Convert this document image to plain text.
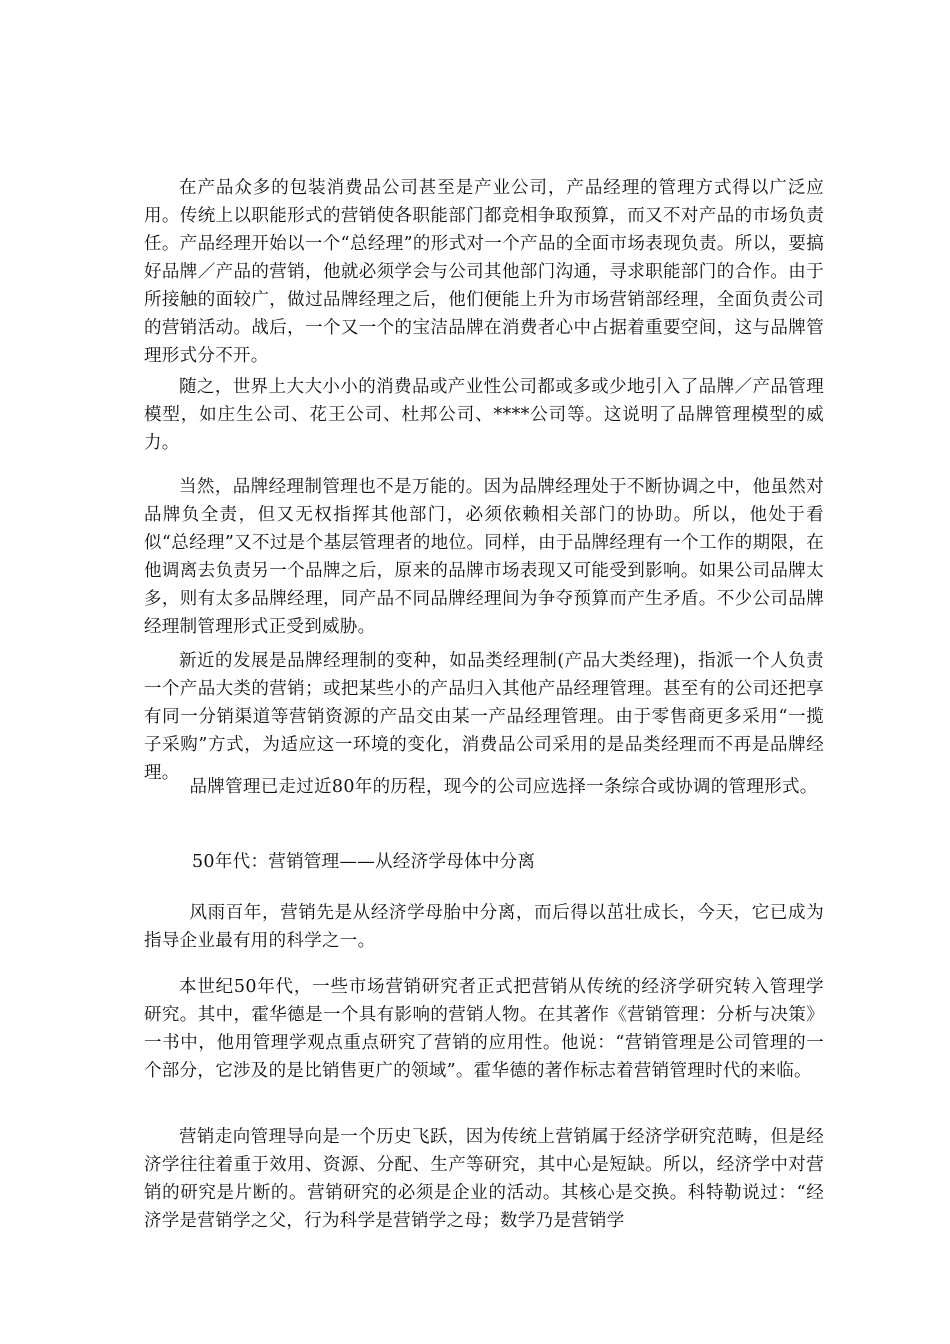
在产品众多的包装消费品公司甚至是产业公司，产品经理的管理方式得以广泛应用。传统上以职能形式的营销使各职能部门都竞相争取预算，而又不对产品的市场负责任。产品经理开始以一个“总经理”的形式对一个产品的全面市场表现负责。所以，要搞好品牌／产品的营销，他就必须学会与公司其他部门沟通，寻求职能部门的合作。由于所接触的面较广，做过品牌经理之后，他们便能上升为市场营销部经理，全面负责公司的营销活动。战后，一个又一个的宝洁品牌在消费者心中占据着重要空间，这与品牌管理形式分不开。

随之，世界上大大小小的消费品或产业性公司都或多或少地引入了品牌／产品管理模型，如庄生公司、花王公司、杜邦公司、****公司等。这说明了品牌管理模型的威力。

当然，品牌经理制管理也不是万能的。因为品牌经理处于不断协调之中，他虽然对品牌负全责，但又无权指挥其他部门，必须依赖相关部门的协助。所以，他处于看似“总经理”又不过是个基层管理者的地位。同样，由于品牌经理有一个工作的期限，在他调离去负责另一个品牌之后，原来的品牌市场表现又可能受到影响。如果公司品牌太多，则有太多品牌经理，同产品不同品牌经理间为争夺预算而产生矛盾。不少公司品牌经理制管理形式正受到威胁。

新近的发展是品牌经理制的变种，如品类经理制(产品大类经理)，指派一个人负责一个产品大类的营销；或把某些小的产品归入其他产品经理管理。甚至有的公司还把享有同一分销渠道等营销资源的产品交由某一产品经理管理。由于零售商更多采用“一揽子采购”方式，为适应这一环境的变化，消费品公司采用的是品类经理而不再是品牌经理。

品牌管理已走过近80年的历程，现今的公司应选择一条综合或协调的管理形式。

50年代：营销管理——从经济学母体中分离

风雨百年，营销先是从经济学母胎中分离，而后得以茁壮成长，今天，它已成为指导企业最有用的科学之一。

本世纪50年代，一些市场营销研究者正式把营销从传统的经济学研究转入管理学研究。其中，霍华德是一个具有影响的营销人物。在其著作《营销管理：分析与决策》一书中，他用管理学观点重点研究了营销的应用性。他说：“营销管理是公司管理的一个部分，它涉及的是比销售更广的领域”。霍华德的著作标志着营销管理时代的来临。

营销走向管理导向是一个历史飞跃，因为传统上营销属于经济学研究范畴，但是经济学往往着重于效用、资源、分配、生产等研究，其中心是短缺。所以，经济学中对营销的研究是片断的。营销研究的必须是企业的活动。其核心是交换。科特勒说过：“经济学是营销学之父，行为科学是营销学之母；数学乃是营销学
